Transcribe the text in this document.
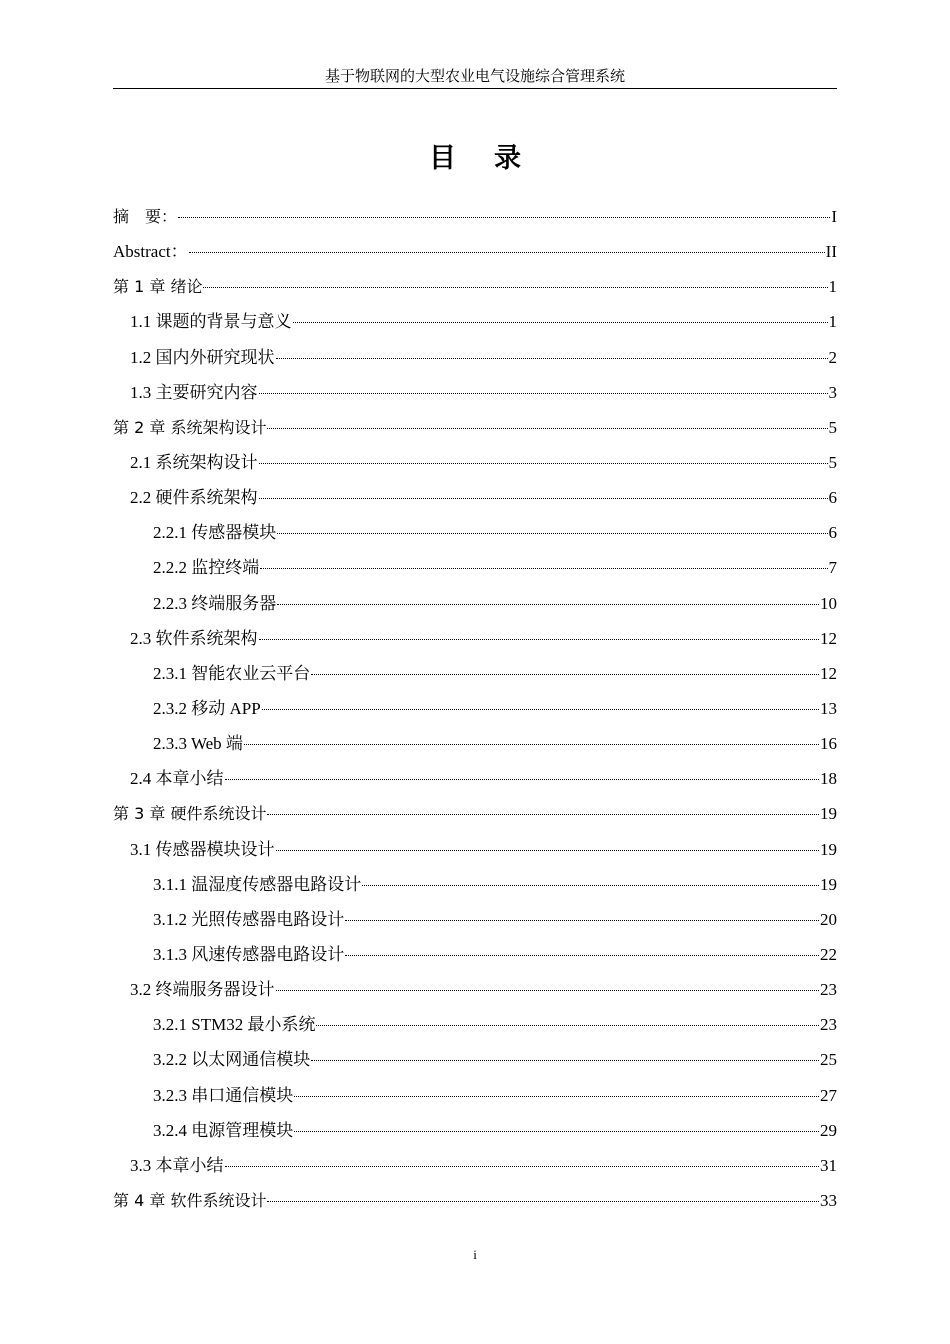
基于物联网的大型农业电气设施综合管理系统
目录
摘　要：	I
Abstract：	II
第 1 章 绪论	1
1.1 课题的背景与意义	1
1.2 国内外研究现状	2
1.3 主要研究内容	3
第 2 章 系统架构设计	5
2.1 系统架构设计	5
2.2 硬件系统架构	6
2.2.1 传感器模块	6
2.2.2 监控终端	7
2.2.3 终端服务器	10
2.3 软件系统架构	12
2.3.1 智能农业云平台	12
2.3.2 移动 APP	13
2.3.3 Web 端	16
2.4 本章小结	18
第 3 章 硬件系统设计	19
3.1 传感器模块设计	19
3.1.1 温湿度传感器电路设计	19
3.1.2 光照传感器电路设计	20
3.1.3 风速传感器电路设计	22
3.2 终端服务器设计	23
3.2.1 STM32 最小系统	23
3.2.2 以太网通信模块	25
3.2.3 串口通信模块	27
3.2.4 电源管理模块	29
3.3 本章小结	31
第 4 章 软件系统设计	33
i
